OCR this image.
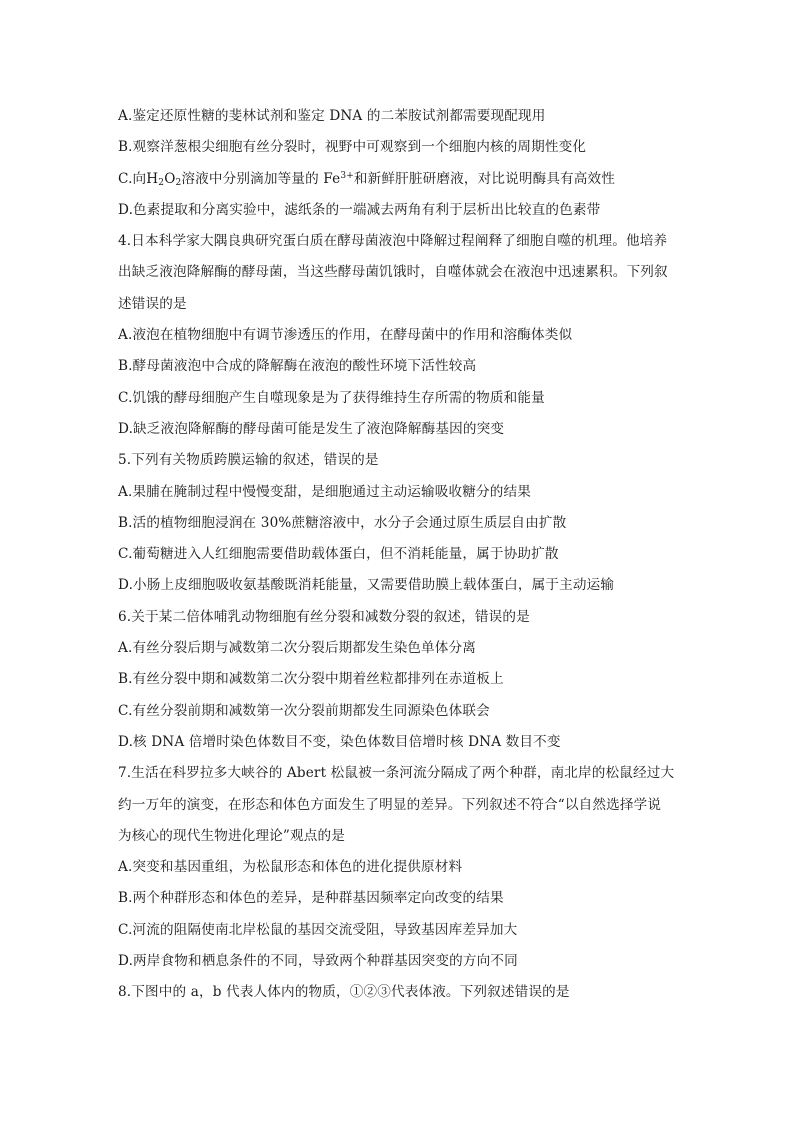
A.鉴定还原性糖的斐林试剂和鉴定 DNA 的二苯胺试剂都需要现配现用
B.观察洋葱根尖细胞有丝分裂时，视野中可观察到一个细胞内核的周期性变化
C.向$H_2O_2$溶液中分别滴加等量的 $Fe^{3+}$和新鲜肝脏研磨液，对比说明酶具有高效性
D.色素提取和分离实验中，滤纸条的一端减去两角有利于层析出比较直的色素带
4.日本科学家大隅良典研究蛋白质在酵母菌液泡中降解过程阐释了细胞自噬的机理。他培养
出缺乏液泡降解酶的酵母菌，当这些酵母菌饥饿时，自噬体就会在液泡中迅速累积。下列叙
述错误的是
A.液泡在植物细胞中有调节渗透压的作用，在酵母菌中的作用和溶酶体类似
B.酵母菌液泡中合成的降解酶在液泡的酸性环境下活性较高
C.饥饿的酵母细胞产生自噬现象是为了获得维持生存所需的物质和能量
D.缺乏液泡降解酶的酵母菌可能是发生了液泡降解酶基因的突变
5.下列有关物质跨膜运输的叙述，错误的是
A.果脯在腌制过程中慢慢变甜，是细胞通过主动运输吸收糖分的结果
B.活的植物细胞浸润在 30%蔗糖溶液中，水分子会通过原生质层自由扩散
C.葡萄糖进入人红细胞需要借助载体蛋白，但不消耗能量，属于协助扩散
D.小肠上皮细胞吸收氨基酸既消耗能量，又需要借助膜上载体蛋白，属于主动运输
6.关于某二倍体哺乳动物细胞有丝分裂和减数分裂的叙述，错误的是
A.有丝分裂后期与减数第二次分裂后期都发生染色单体分离
B.有丝分裂中期和减数第二次分裂中期着丝粒都排列在赤道板上
C.有丝分裂前期和减数第一次分裂前期都发生同源染色体联会
D.核 DNA 倍增时染色体数目不变，染色体数目倍增时核 DNA 数目不变
7.生活在科罗拉多大峡谷的 Abert 松鼠被一条河流分隔成了两个种群，南北岸的松鼠经过大
约一万年的演变，在形态和体色方面发生了明显的差异。下列叙述不符合“以自然选择学说
为核心的现代生物进化理论”观点的是
A.突变和基因重组，为松鼠形态和体色的进化提供原材料
B.两个种群形态和体色的差异，是种群基因频率定向改变的结果
C.河流的阻隔使南北岸松鼠的基因交流受阻，导致基因库差异加大
D.两岸食物和栖息条件的不同，导致两个种群基因突变的方向不同
8.下图中的 a，b 代表人体内的物质，①②③代表体液。下列叙述错误的是
